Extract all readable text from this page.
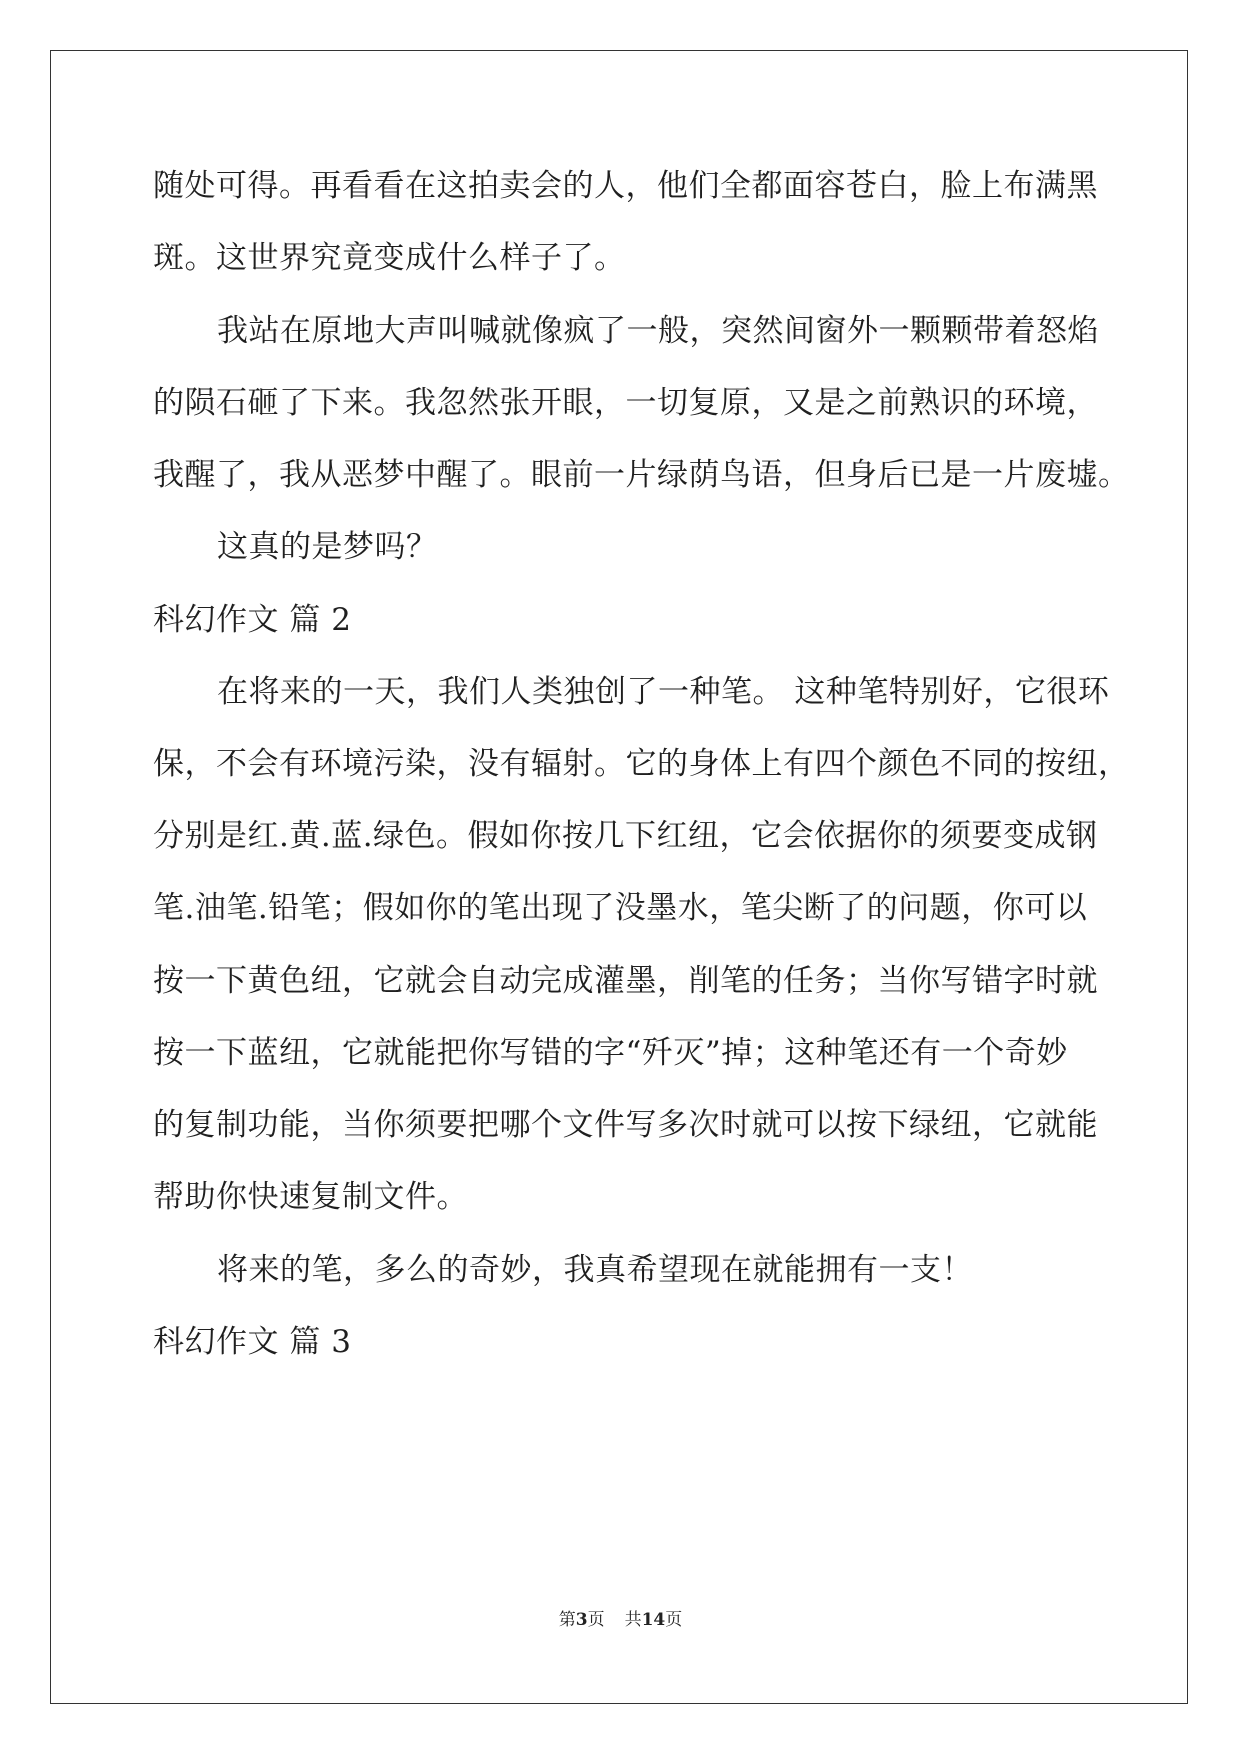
随处可得。再看看在这拍卖会的人，他们全都面容苍白，脸上布满黑
斑。这世界究竟变成什么样子了。
我站在原地大声叫喊就像疯了一般，突然间窗外一颗颗带着怒焰
的陨石砸了下来。我忽然张开眼，一切复原，又是之前熟识的环境，
我醒了，我从恶梦中醒了。眼前一片绿荫鸟语，但身后已是一片废墟。
这真的是梦吗？
科幻作文 篇 2
在将来的一天，我们人类独创了一种笔。 这种笔特别好，它很环
保，不会有环境污染，没有辐射。它的身体上有四个颜色不同的按纽，
分别是红.黄.蓝.绿色。假如你按几下红纽，它会依据你的须要变成钢
笔.油笔.铅笔；假如你的笔出现了没墨水，笔尖断了的问题，你可以
按一下黄色纽，它就会自动完成灌墨，削笔的任务；当你写错字时就
按一下蓝纽，它就能把你写错的字“歼灭”掉；这种笔还有一个奇妙
的复制功能，当你须要把哪个文件写多次时就可以按下绿纽，它就能
帮助你快速复制文件。
将来的笔，多么的奇妙，我真希望现在就能拥有一支！
科幻作文 篇 3
第3页 共14页
